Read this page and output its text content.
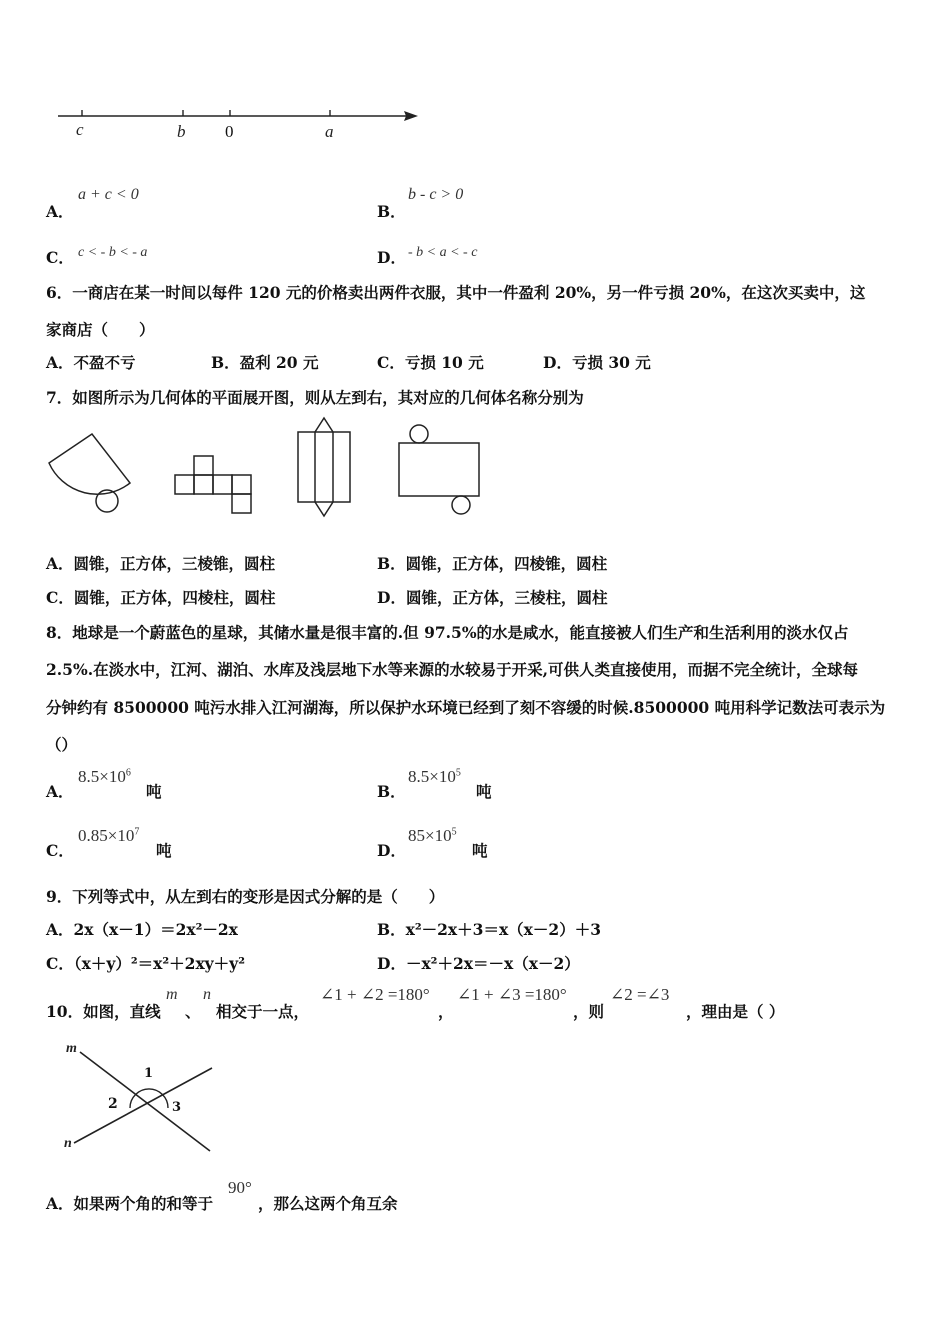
c	b 0	a
A．
a + c < 0
B．
b - c > 0
C． c < - b < - a	D． - b < a < - c
6．一商店在某一时间以每件 120 元的价格卖出两件衣服，其中一件盈利 20%，另一件亏损 20%，在这次买卖中，这
家商店（　　）
A．不盈不亏	B．盈利 20 元	C．亏损 10 元	D．亏损 30 元
7．如图所示为几何体的平面展开图，则从左到右，其对应的几何体名称分别为
A．圆锥，正方体，三棱锥，圆柱	B．圆锥，正方体，四棱锥，圆柱
C．圆锥，正方体，四棱柱，圆柱	D．圆锥，正方体，三棱柱，圆柱
8．地球是一个蔚蓝色的星球，其储水量是很丰富的.但 97.5%的水是咸水，能直接被人们生产和生活利用的淡水仅占
2.5%.在淡水中，江河、湖泊、水库及浅层地下水等来源的水较易于开采,可供人类直接使用，而据不完全统计，全球每
分钟约有 8500000 吨污水排入江河湖海，所以保护水环境已经到了刻不容缓的时候.8500000 吨用科学记数法可表示为
（）
A．
$8.5\times 10^6$
吨	B．
$8.5\times 10^5$
吨
C．
$0.85\times 10^7$
吨	D．
$85\times 10^5$
吨
9．下列等式中，从左到右的变形是因式分解的是（　　）
A．2x（x－1）＝2x²－2x	B．x²－2x＋3＝x（x－2）＋3
C．（x＋y）²＝x²＋2xy＋y²	D．－x²＋2x＝－x（x－2）
10．如图，直线
m
、
n
相交于一点，
∠1 + ∠2 =180°
，
∠1 + ∠3 =180°
，则
∠2 =∠3
，理由是（ ）
m
n
1
2	3
A．如果两个角的和等于
90°
，那么这两个角互余
